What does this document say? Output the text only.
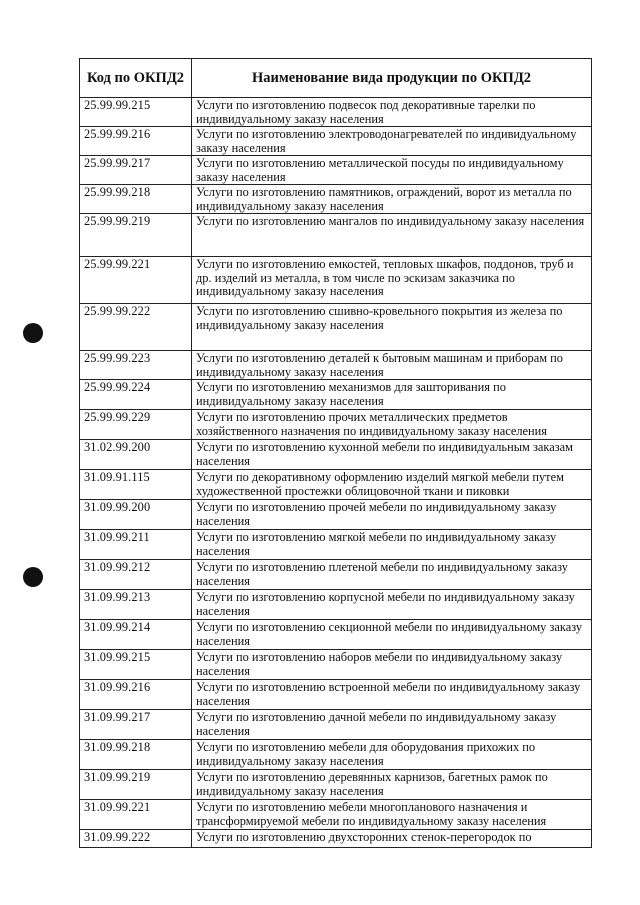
Код по ОКПД2	Наименование вида продукции по ОКПД2
25.99.99.215	Услуги по изготовлению подвесок под декоративные тарелки по индивидуальному заказу населения
25.99.99.216	Услуги по изготовлению электроводонагревателей по индивидуальному заказу населения
25.99.99.217	Услуги по изготовлению металлической посуды по индивидуальному заказу населения
25.99.99.218	Услуги по изготовлению памятников, ограждений, ворот из металла по индивидуальному заказу населения
25.99.99.219	Услуги по изготовлению мангалов по индивидуальному заказу населения
25.99.99.221	Услуги по изготовлению емкостей, тепловых шкафов, поддонов, труб и др. изделий из металла, в том числе по эскизам заказчика по индивидуальному заказу населения
25.99.99.222	Услуги по изготовлению сшивно-кровельного покрытия из железа по индивидуальному заказу населения
25.99.99.223	Услуги по изготовлению деталей к бытовым машинам и приборам по индивидуальному заказу населения
25.99.99.224	Услуги по изготовлению механизмов для зашторивания по индивидуальному заказу населения
25.99.99.229	Услуги по изготовлению прочих металлических предметов хозяйственного назначения по индивидуальному заказу населения
31.02.99.200	Услуги по изготовлению кухонной мебели по индивидуальным заказам населения
31.09.91.115	Услуги по декоративному оформлению изделий мягкой мебели путем художественной простежки облицовочной ткани и пиковки
31.09.99.200	Услуги по изготовлению прочей мебели по индивидуальному заказу населения
31.09.99.211	Услуги по изготовлению мягкой мебели по индивидуальному заказу населения
31.09.99.212	Услуги по изготовлению плетеной мебели по индивидуальному заказу населения
31.09.99.213	Услуги по изготовлению корпусной мебели по индивидуальному заказу населения
31.09.99.214	Услуги по изготовлению секционной мебели по индивидуальному заказу населения
31.09.99.215	Услуги по изготовлению наборов мебели по индивидуальному заказу населения
31.09.99.216	Услуги по изготовлению встроенной мебели по индивидуальному заказу населения
31.09.99.217	Услуги по изготовлению дачной мебели по индивидуальному заказу населения
31.09.99.218	Услуги по изготовлению мебели для оборудования прихожих по индивидуальному заказу населения
31.09.99.219	Услуги по изготовлению деревянных карнизов, багетных рамок по индивидуальному заказу населения
31.09.99.221	Услуги по изготовлению мебели многопланового назначения и трансформируемой мебели по индивидуальному заказу населения
31.09.99.222	Услуги по изготовлению двухсторонних стенок-перегородок по
